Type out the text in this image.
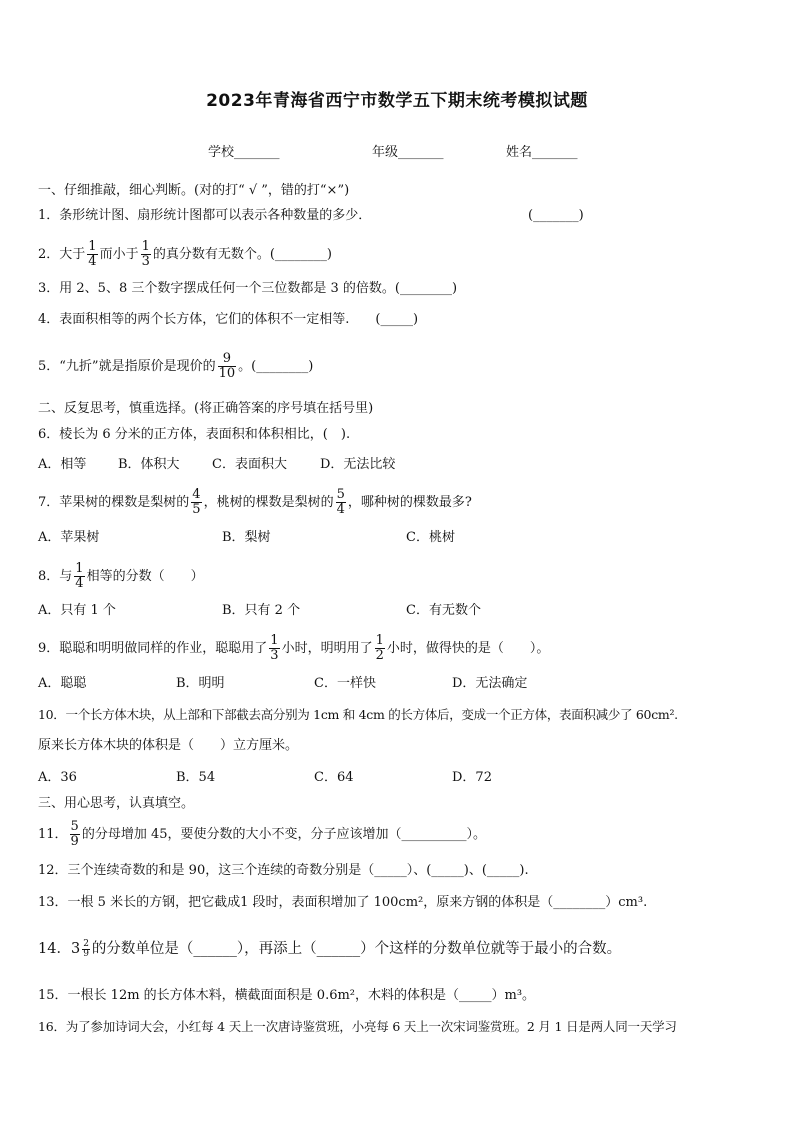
2023年青海省西宁市数学五下期末统考模拟试题
学校_______	年级_______	姓名_______
一、仔细推敲，细心判断。(对的打“ √ ”，错的打“×”)
1．条形统计图、扇形统计图都可以表示各种数量的多少．	(_______)
2．大于 $\frac{1}{4}$ 而小于 $\frac{1}{3}$ 的真分数有无数个。(________)
3．用 2、5、8 三个数字摆成任何一个三位数都是 3 的倍数。(________)
4．表面积相等的两个长方体，它们的体积不一定相等.　　(_____)
5．“九折”就是指原价是现价的 $\frac{9}{10}$ 。(________)
二、反复思考，慎重选择。(将正确答案的序号填在括号里)
6．棱长为 6 分米的正方体，表面积和体积相比，(　).
A．相等 B．体积大 C．表面积大	D．无法比较
7．苹果树的棵数是梨树的 $\frac{4}{5}$ ，桃树的棵数是梨树的 $\frac{5}{4}$ ，哪种树的棵数最多?
A．苹果树	B．梨树	C．桃树
8．与 $\frac{1}{4}$ 相等的分数（　　）
A．只有 1 个	B．只有 2 个	C．有无数个
9．聪聪和明明做同样的作业，聪聪用了 $\frac{1}{3}$ 小时，明明用了 $\frac{1}{2}$ 小时，做得快的是（　　）。
A．聪聪	B．明明	C．一样快	D．无法确定
10．一个长方体木块，从上部和下部截去高分别为 1cm 和 4cm 的长方体后，变成一个正方体，表面积减少了 60cm².
原来长方体木块的体积是（　　）立方厘米。
A．36	B．54	C．64	D．72
三、用心思考，认真填空。
11． $\frac{5}{9}$ 的分母增加 45，要使分数的大小不变，分子应该增加（__________）。
12．三个连续奇数的和是 90，这三个连续的奇数分别是（_____）、(_____)、(_____).
13．一根 5 米长的方钢，把它截成1 段时，表面积增加了 100cm²，原来方钢的体积是（________）cm³.
14．$3 \frac{2}{9}$ 的分数单位是（______），再添上（______）个这样的分数单位就等于最小的合数。
15．一根长 12m 的长方体木料，横截面面积是 0.6m²，木料的体积是（_____）m³。
16．为了参加诗词大会，小红每 4 天上一次唐诗鉴赏班，小亮每 6 天上一次宋词鉴赏班。2 月 1 日是两人同一天学习
